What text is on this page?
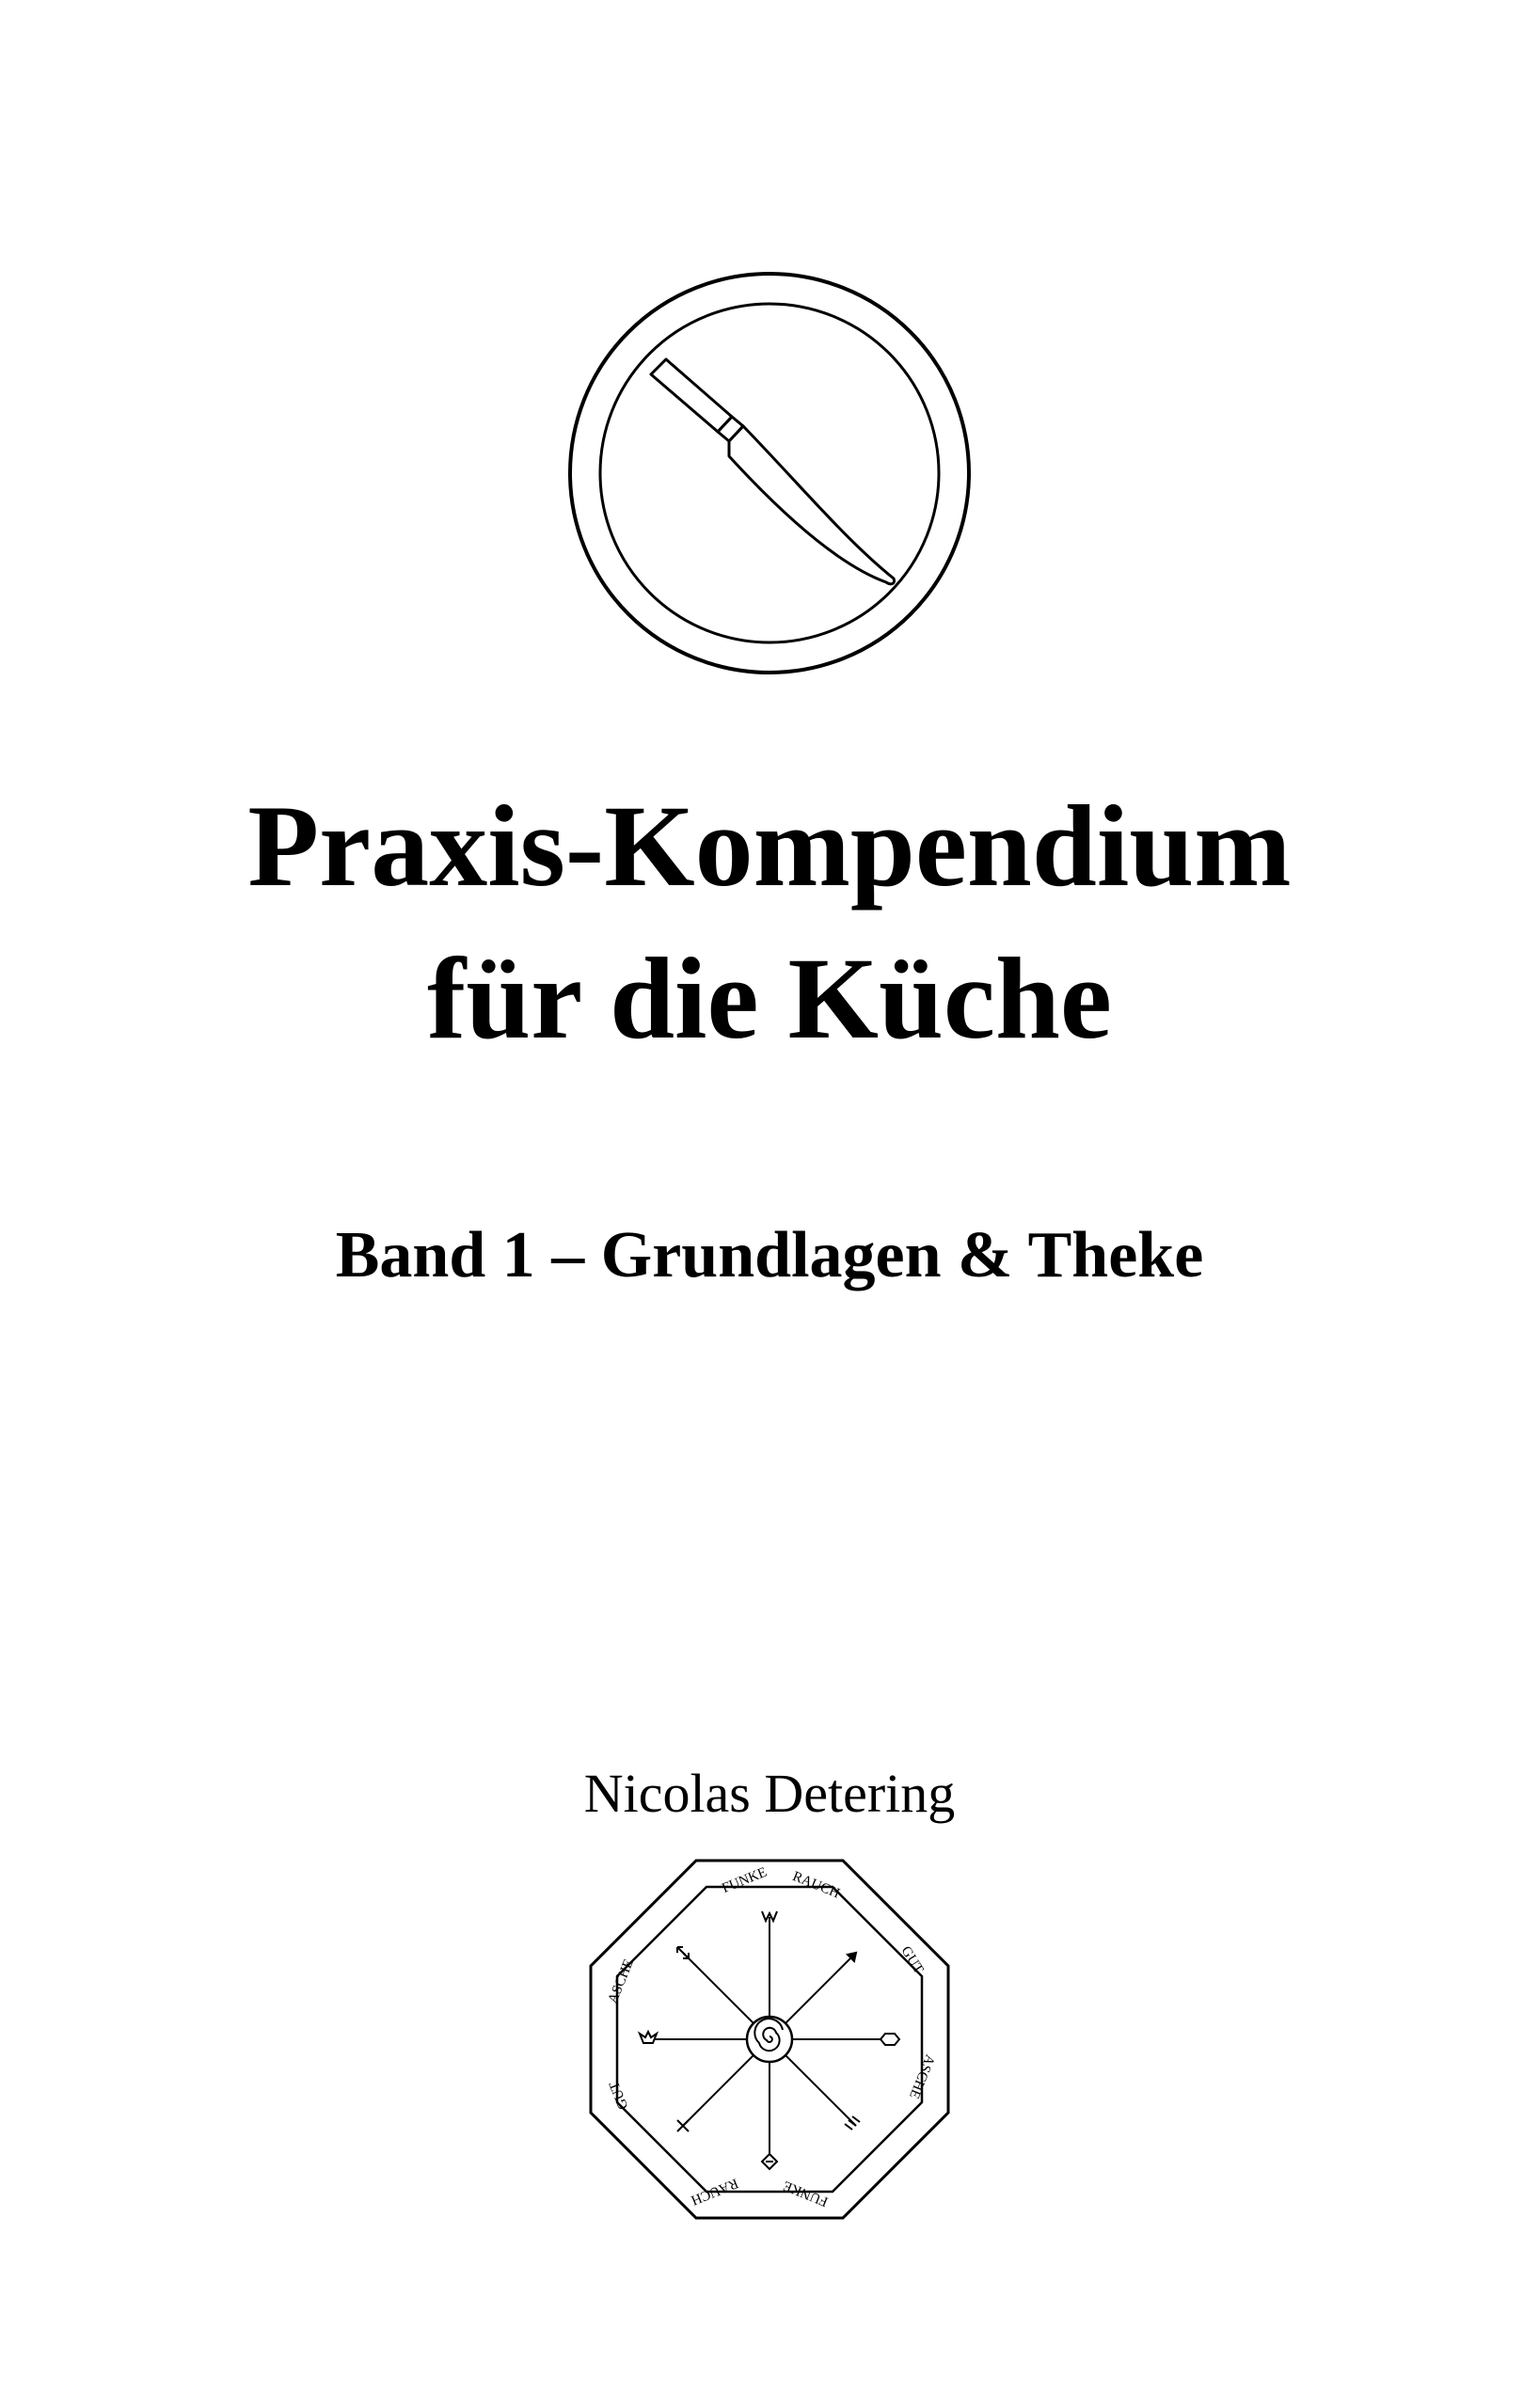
Praxis-Kompendium
für die Küche
Band 1 – Grundlagen & Theke

Nicolas Detering

FUNKE RAUCH
GUT
ASCHE
FUNKE
RAUCH
GUT
ASCHE
